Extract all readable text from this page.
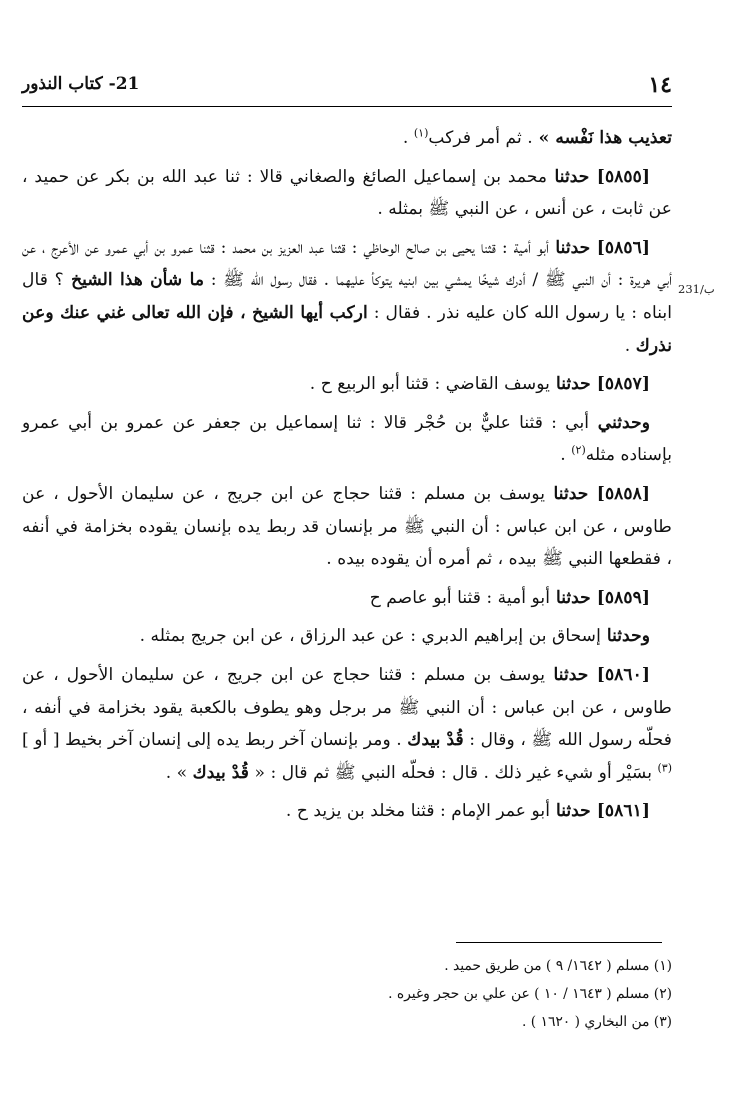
١٤
21- كتاب النذور
231/ب

تعذيب هذا نَفْسه » . ثم أمر فركب$^{(١)}$ .

[٥٨٥٥] حدثنا محمد بن إسماعيل الصائغ والصغاني قالا : ثنا عبد الله بن بكر عن حميد ، عن ثابت ، عن أنس ، عن النبي ﷺ بمثله .

[٥٨٥٦] حدثنا أبو أمية : قثنا يحيى بن صالح الوحاظي : قثنا عبد العزيز بن محمد : قثنا عمرو بن أبي عمرو عن الأعرج ، عن أبي هريرة : أن النبي ﷺ / أدرك شيخًا يمشي بين ابنيه يتوكأ عليهما . فقال رسول الله ﷺ : ما شأن هذا الشيخ ؟ قال ابناه : يا رسول الله كان عليه نذر . فقال : اركب أيها الشيخ ، فإن الله تعالى غني عنك وعن نذرك .

[٥٨٥٧] حدثنا يوسف القاضي : قثنا أبو الربيع ح .

وحدثني أبي : قثنا عليٌّ بن حُجْر قالا : ثنا إسماعيل بن جعفر عن عمرو بن أبي عمرو بإسناده مثله$^{(٢)}$ .

[٥٨٥٨] حدثنا يوسف بن مسلم : قثنا حجاج عن ابن جريج ، عن سليمان الأحول ، عن طاوس ، عن ابن عباس : أن النبي ﷺ مر بإنسان قد ربط يده بإنسان يقوده بخزامة في أنفه ، فقطعها النبي ﷺ بيده ، ثم أمره أن يقوده بيده .

[٥٨٥٩] حدثنا أبو أمية : قثنا أبو عاصم ح

وحدثنا إسحاق بن إبراهيم الدبري : عن عبد الرزاق ، عن ابن جريج بمثله .

[٥٨٦٠] حدثنا يوسف بن مسلم : قثنا حجاج عن ابن جريج ، عن سليمان الأحول ، عن طاوس ، عن ابن عباس : أن النبي ﷺ مر برجل وهو يطوف بالكعبة يقود بخزامة في أنفه ، فحلّه رسول الله ﷺ ، وقال : قُدْ بيدك . ومر بإنسان آخر ربط يده إلى إنسان آخر بخيط [ أو ]$^{(٣)}$ بسَيْر أو شيء غير ذلك . قال : فحلّه النبي ﷺ ثم قال : « قُدْ بيدك » .

[٥٨٦١] حدثنا أبو عمر الإمام : قثنا مخلد بن يزيد ح .

(١) مسلم ( ١٦٤٢/ ٩ ) من طريق حميد .

(٢) مسلم ( ١٦٤٣ / ١٠ ) عن علي بن حجر وغيره .

(٣) من البخاري ( ١٦٢٠ ) .
